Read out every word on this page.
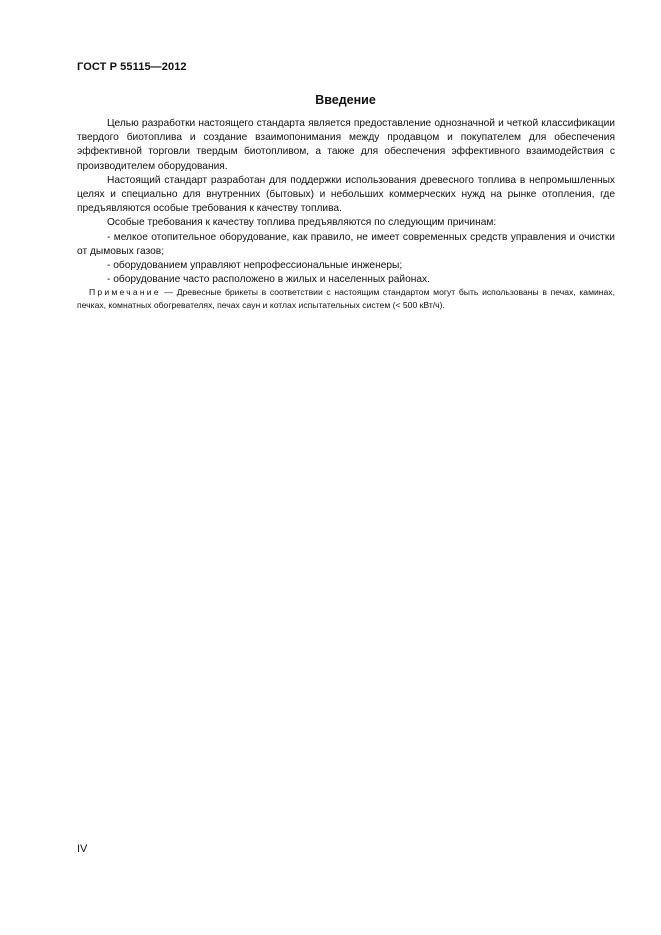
ГОСТ Р 55115—2012
Введение

Целью разработки настоящего стандарта является предоставление однозначной и четкой классификации твердого биотоплива и создание взаимопонимания между продавцом и покупателем для обеспечения эффективной торговли твердым биотопливом, а также для обеспечения эффективного взаимодействия с производителем оборудования.

Настоящий стандарт разработан для поддержки использования древесного топлива в непромышленных целях и специально для внутренних (бытовых) и небольших коммерческих нужд на рынке отопления, где предъявляются особые требования к качеству топлива.

Особые требования к качеству топлива предъявляются по следующим причинам:

- мелкое отопительное оборудование, как правило, не имеет современных средств управления и очистки от дымовых газов;

- оборудованием управляют непрофессиональные инженеры;

- оборудование часто расположено в жилых и населенных районах.

Примечание — Древесные брикеты в соответствии с настоящим стандартом могут быть использованы в печах, каминах, печках, комнатных обогревателях, печах саун и котлах испытательных систем (< 500 кВт/ч).
IV
